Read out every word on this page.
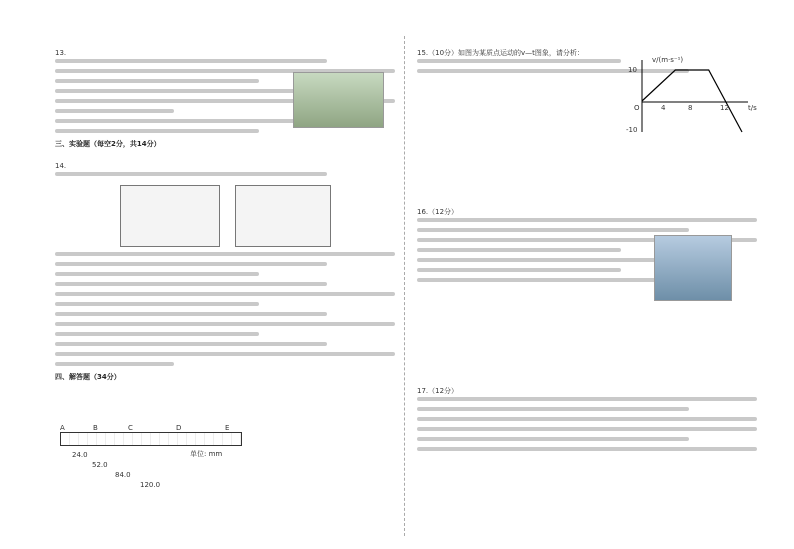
13.
三、实验题（每空2分，共14分）
14.
四、解答题（34分）
A	B	C	D	E
24.0
52.0
84.0
120.0
单位: mm
15.（10分）如图为某质点运动的v—t图象，请分析：
16.（12分）
17.（12分）
v/(m·s⁻¹)
t/s
10
-10
O	4	8	12
